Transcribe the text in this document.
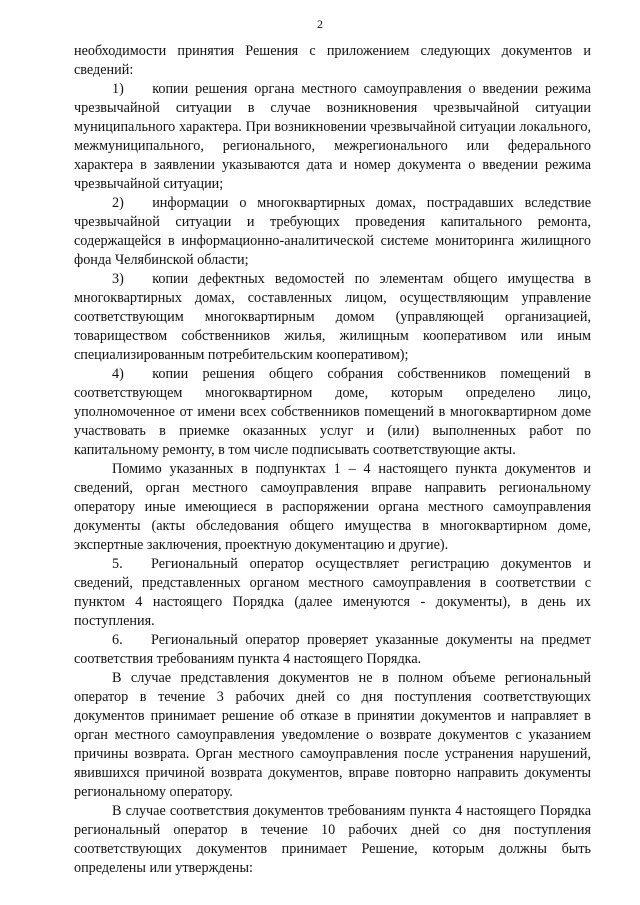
2

необходимости принятия Решения с приложением следующих документов и сведений:

1)  копии решения органа местного самоуправления о введении режима чрезвычайной ситуации в случае возникновения чрезвычайной ситуации муниципального характера. При возникновении чрезвычайной ситуации локального, межмуниципального, регионального, межрегионального или федерального характера в заявлении указываются дата и номер документа о введении режима чрезвычайной ситуации;

2)  информации о многоквартирных домах, пострадавших вследствие чрезвычайной ситуации и требующих проведения капитального ремонта, содержащейся в информационно-аналитической системе мониторинга жилищного фонда Челябинской области;

3)  копии дефектных ведомостей по элементам общего имущества в многоквартирных домах, составленных лицом, осуществляющим управление соответствующим многоквартирным домом (управляющей организацией, товариществом собственников жилья, жилищным кооперативом или иным специализированным потребительским кооперативом);

4)  копии решения общего собрания собственников помещений в соответствующем многоквартирном доме, которым определено лицо, уполномоченное от имени всех собственников помещений в многоквартирном доме участвовать в приемке оказанных услуг и (или) выполненных работ по капитальному ремонту, в том числе подписывать соответствующие акты.

Помимо указанных в подпунктах 1 – 4 настоящего пункта документов и сведений, орган местного самоуправления вправе направить региональному оператору иные имеющиеся в распоряжении органа местного самоуправления документы (акты обследования общего имущества в многоквартирном доме, экспертные заключения, проектную документацию и другие).

5.  Региональный оператор осуществляет регистрацию документов и сведений, представленных органом местного самоуправления в соответствии с пунктом 4 настоящего Порядка (далее именуются - документы), в день их поступления.

6.  Региональный оператор проверяет указанные документы на предмет соответствия требованиям пункта 4 настоящего Порядка.

В случае представления документов не в полном объеме региональный оператор в течение 3 рабочих дней со дня поступления соответствующих документов принимает решение об отказе в принятии документов и направляет в орган местного самоуправления уведомление о возврате документов с указанием причины возврата. Орган местного самоуправления после устранения нарушений, явившихся причиной возврата документов, вправе повторно направить документы региональному оператору.

В случае соответствия документов требованиям пункта 4 настоящего Порядка региональный оператор в течение 10 рабочих дней со дня поступления соответствующих документов принимает Решение, которым должны быть определены или утверждены:
